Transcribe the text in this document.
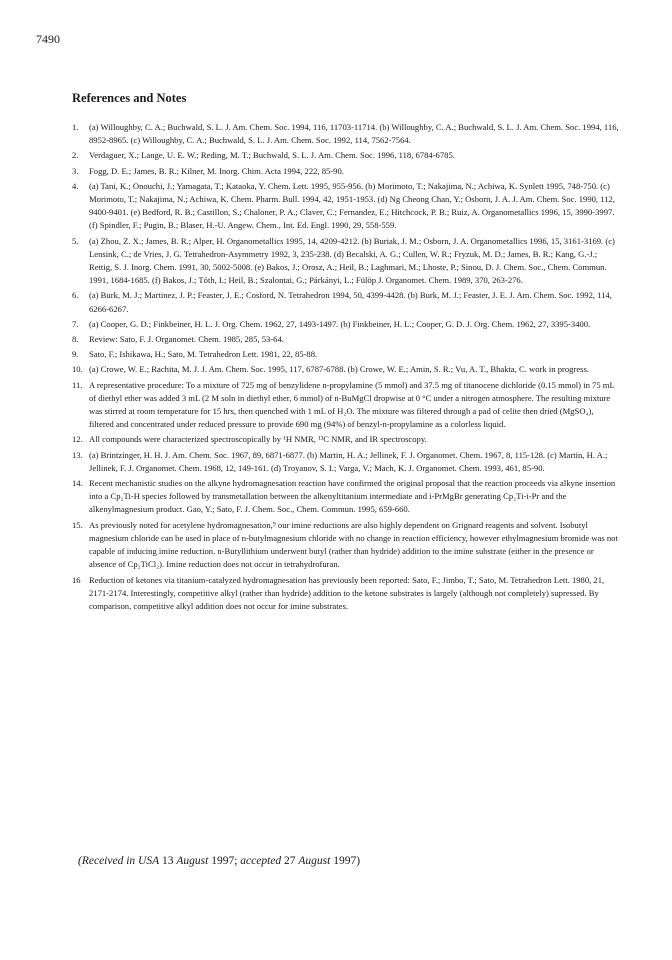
7490
References and Notes
1. (a) Willoughby, C. A.; Buchwald, S. L. J. Am. Chem. Soc. 1994, 116, 11703-11714. (b) Willoughby, C. A.; Buchwald, S. L. J. Am. Chem. Soc. 1994, 116, 8952-8965. (c) Willoughby, C. A.; Buchwald, S. L. J. Am. Chem. Soc. 1992, 114, 7562-7564.
2. Verdaguer, X.; Lange, U. E. W.; Reding, M. T.; Buchwald, S. L. J. Am. Chem. Soc. 1996, 118, 6784-6785.
3. Fogg, D. E.; James, B. R.; Kilner, M. Inorg. Chim. Acta 1994, 222, 85-90.
4. (a) Tani, K.; Onouchi, J.; Yamagata, T.; Kataoka, Y. Chem. Lett. 1995, 955-956. (b) Morimoto, T.; Nakajima, N.; Achiwa, K. Synlett 1995, 748-750. (c) Morimoto, T.; Nakajima, N.; Achiwa, K. Chem. Pharm. Bull. 1994, 42, 1951-1953. (d) Ng Cheong Chan, Y.; Osborn, J. A. J. Am. Chem. Soc. 1990, 112, 9400-9401. (e) Bedford, R. B.; Castillon, S.; Chaloner, P. A.; Claver, C.; Fernandez, E.; Hitchcock, P. B.; Ruiz, A. Organometallics 1996, 15, 3990-3997. (f) Spindler, F.; Pugin, B.; Blaser, H.-U. Angew. Chem., Int. Ed. Engl. 1990, 29, 558-559.
5. (a) Zhou, Z. X.; James, B. R.; Alper, H. Organometallics 1995, 14, 4209-4212. (b) Buriak, J. M.; Osborn, J. A. Organometallics 1996, 15, 3161-3169. (c) Lensink, C.; de Vries, J. G. Tetrahedron-Asymmetry 1992, 3, 235-238. (d) Becalski, A. G.; Cullen, W. R.; Fryzuk, M. D.; James, B. R.; Kang, G.-J.; Rettig, S. J. Inorg. Chem. 1991, 30, 5002-5008. (e) Bakos, J.; Orosz, A.; Heil, B.; Laghmari, M.; Lhoste, P.; Sinou, D. J. Chem. Soc., Chem. Commun. 1991, 1684-1685. (f) Bakos, J.; Tóth, I.; Heil, B.; Szalontai, G.; Párkányi, L.; Fülöp J. Organomet. Chem. 1989, 370, 263-276.
6. (a) Burk, M. J.; Martinez, J. P.; Feaster, J. E.; Cosford, N. Tetrahedron 1994, 50, 4399-4428. (b) Burk, M. J.; Feaster, J. E. J. Am. Chem. Soc. 1992, 114, 6266-6267.
7. (a) Cooper, G. D.; Finkbeiner, H. L. J. Org. Chem. 1962, 27, 1493-1497. (b) Finkbeiner, H. L.; Cooper, G. D. J. Org. Chem. 1962, 27, 3395-3400.
8. Review: Sato, F. J. Organomet. Chem. 1985, 285, 53-64.
9. Sato, F.; Ishikawa, H.; Sato, M. Tetrahedron Lett. 1981, 22, 85-88.
10. (a) Crowe, W. E.; Rachita, M. J. J. Am. Chem. Soc. 1995, 117, 6787-6788. (b) Crowe, W. E.; Amin, S. R.; Vu, A. T., Bhakta, C. work in progress.
11. A representative procedure: To a mixture of 725 mg of benzylidene n-propylamine (5 mmol) and 37.5 mg of titanocene dichloride (0.15 mmol) in 75 mL of diethyl ether was added 3 mL (2 M soln in diethyl ether, 6 mmol) of n-BuMgCl dropwise at 0 °C under a nitrogen atmosphere. The resulting mixture was stirred at room temperature for 15 hrs, then quenched with 1 mL of H₂O. The mixture was filtered through a pad of celite then dried (MgSO₄), filtered and concentrated under reduced pressure to provide 690 mg (94%) of benzyl-n-propylamine as a colorless liquid.
12. All compounds were characterized spectroscopically by ¹H NMR, ¹³C NMR, and IR spectroscopy.
13. (a) Brintzinger, H. H. J. Am. Chem. Soc. 1967, 89, 6871-6877. (b) Martin, H. A.; Jellinek, F. J. Organomet. Chem. 1967, 8, 115-128. (c) Martin, H. A.; Jellinek, F. J. Organomet. Chem. 1968, 12, 149-161. (d) Troyanov, S. I.; Varga, V.; Mach, K. J. Organomet. Chem. 1993, 461, 85-90.
14. Recent mechanistic studies on the alkyne hydromagnesation reaction have confirmed the original proposal that the reaction proceeds via alkyne insertion into a Cp₂Ti-H species followed by transmetallation between the alkenyltitanium intermediate and i-PrMgBr generating Cp₂Ti-i-Pr and the alkenylmagnesium product. Gao, Y.; Sato, F. J. Chem. Soc., Chem. Commun. 1995, 659-660.
15. As previously noted for acetylene hydromagnesation,⁹ our imine reductions are also highly dependent on Grignard reagents and solvent. Isobutyl magnesium chloride can be used in place of n-butylmagnesium chloride with no change in reaction efficiency, however ethylmagnesium bromide was not capable of inducing imine reduction. n-Butyllithium underwent butyl (rather than hydride) addition to the imine substrate (either in the presence or absence of Cp₂TiCl₂). Imine reduction does not occur in tetrahydrofuran.
16 Reduction of ketones via titanium-catalyzed hydromagnesation has previously been reported: Sato, F.; Jimbo, T.; Sato, M. Tetrahedron Lett. 1980, 21, 2171-2174. Interestingly, competitive alkyl (rather than hydride) addition to the ketone substrates is largely (although not completely) supressed. By comparison, competitive alkyl addition does not occur for imine substrates.
(Received in USA 13 August 1997; accepted 27 August 1997)
